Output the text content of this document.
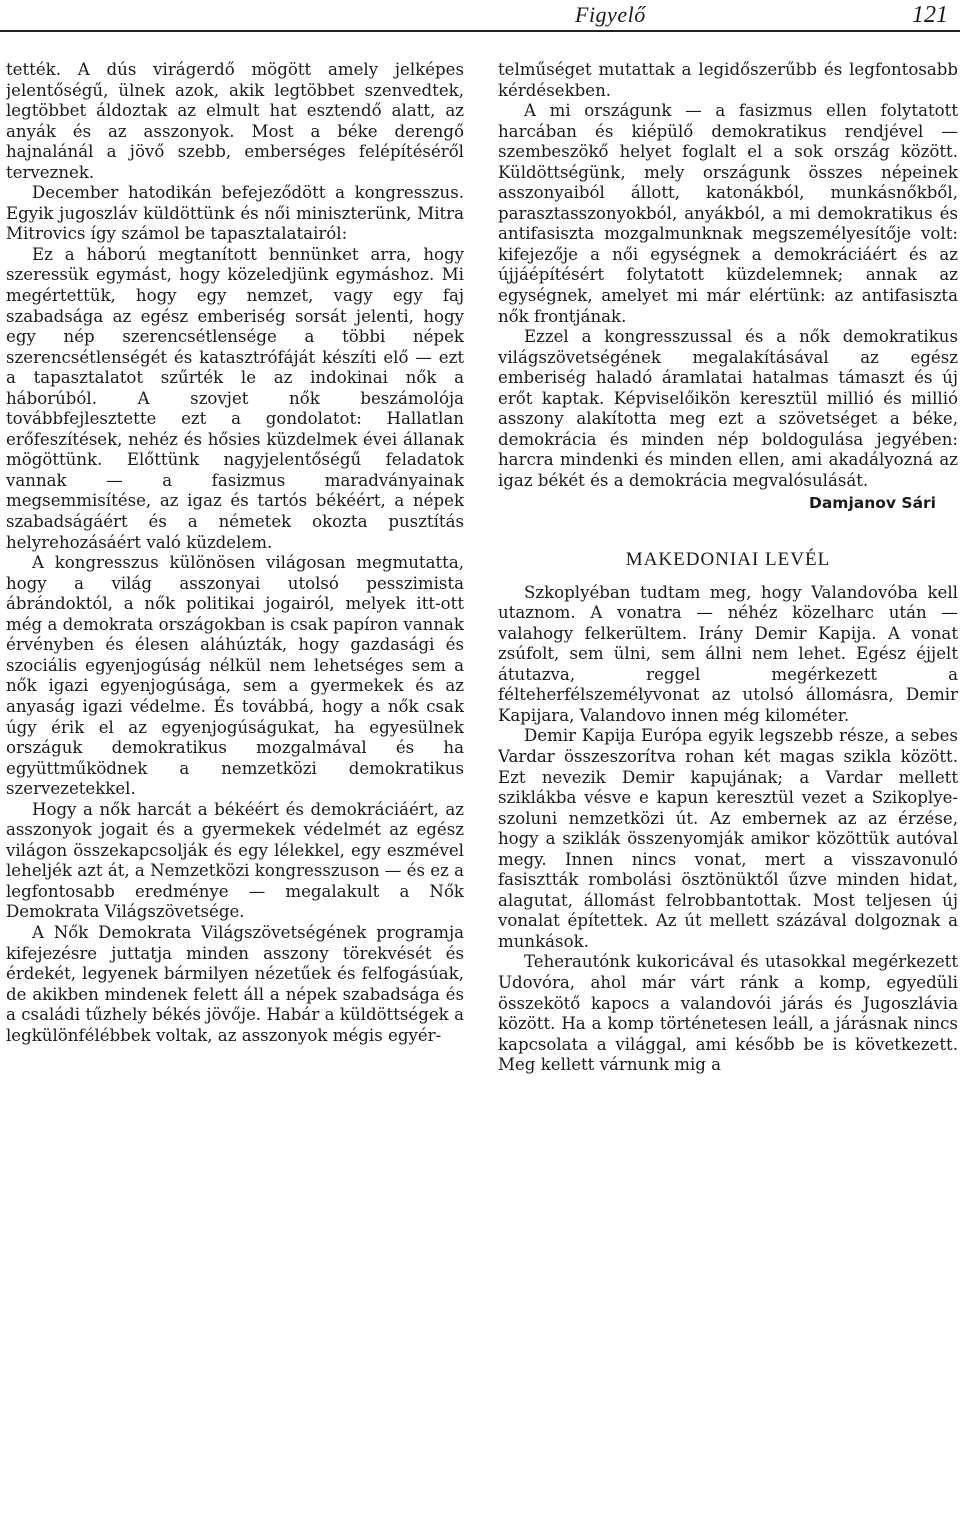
Figyelő	121

tették. A dús virágerdő mögött amely jelképes jelentőségű, ülnek azok, akik legtöbbet szenvedtek, legtöbbet áldoztak az elmult hat esztendő alatt, az anyák és az asszonyok. Most a béke derengő hajnalánál a jövő szebb, emberséges felépítéséről terveznek.

December hatodikán befejeződött a kongresszus. Egyik jugoszláv küldöttünk és női miniszterünk, Mitra Mitrovics így számol be tapasztalatairól:

Ez a háború megtanított bennünket arra, hogy szeressük egymást, hogy közeledjünk egymáshoz. Mi megértettük, hogy egy nemzet, vagy egy faj szabadsága az egész emberiség sorsát jelenti, hogy egy nép szerencsétlensége a többi népek szerencsétlenségét és katasztrófáját készíti elő — ezt a tapasztalatot szűrték le az indokinai nők a háborúból. A szovjet nők beszámolója továbbfejlesztette ezt a gondolatot: Hallatlan erőfeszítések, nehéz és hősies küzdelmek évei állanak mögöttünk. Előttünk nagyjelentőségű feladatok vannak — a fasizmus maradványainak megsemmisítése, az igaz és tartós békéért, a népek szabadságáért és a németek okozta pusztítás helyrehozásáért való küzdelem.

A kongresszus különösen világosan megmutatta, hogy a világ asszonyai utolsó pesszimista ábrándoktól, a nők politikai jogairól, melyek itt-ott még a demokrata országokban is csak papíron vannak érvényben és élesen aláhúzták, hogy gazdasági és szociális egyenjogúság nélkül nem lehetséges sem a nők igazi egyenjogúsága, sem a gyermekek és az anyaság igazi védelme. És továbbá, hogy a nők csak úgy érik el az egyenjogúságukat, ha egyesülnek országuk demokratikus mozgalmával és ha együttműködnek a nemzetközi demokratikus szervezetekkel.

Hogy a nők harcát a békéért és demokráciáért, az asszonyok jogait és a gyermekek védelmét az egész világon összekapcsolják és egy lélekkel, egy eszmével leheljék azt át, a Nemzetközi kongresszuson — és ez a legfontosabb eredménye — megalakult a Nők Demokrata Világszövetsége.

A Nők Demokrata Világszövetségének programja kifejezésre juttatja minden asszony törekvését és érdekét, legyenek bármilyen nézetűek és felfogásúak, de akikben mindenek felett áll a népek szabadsága és a családi tűzhely békés jövője. Habár a küldöttségek a legkülönfélébbek voltak, az asszonyok mégis egyér-

telműséget mutattak a legidőszerűbb és legfontosabb kérdésekben.

A mi országunk — a fasizmus ellen folytatott harcában és kiépülő demokratikus rendjével — szembeszökő helyet foglalt el a sok ország között. Küldöttségünk, mely országunk összes népeinek asszonyaiból állott, katonákból, munkásnőkből, parasztasszonyokból, anyákból, a mi demokratikus és antifasiszta mozgalmunknak megszemélyesítője volt: kifejezője a női egységnek a demokráciáért és az újjáépítésért folytatott küzdelemnek; annak az egységnek, amelyet mi már elértünk: az antifasiszta nők frontjának.

Ezzel a kongresszussal és a nők demokratikus világszövetségének megalakításával az egész emberiség haladó áramlatai hatalmas támaszt és új erőt kaptak. Képviselőikön keresztül millió és millió asszony alakította meg ezt a szövetséget a béke, demokrácia és minden nép boldogulása jegyében: harcra mindenki és minden ellen, ami akadályozná az igaz békét és a demokrácia megvalósulását.

Damjanov Sári

MAKEDONIAI LEVÉL

Szkoplyéban tudtam meg, hogy Valandovóba kell utaznom. A vonatra — néhéz közelharc után — valahogy felkerültem. Irány Demir Kapija. A vonat zsúfolt, sem ülni, sem állni nem lehet. Egész éjjelt átutazva, reggel megérkezett a félteherfélszemélyvonat az utolsó állomásra, Demir Kapijara, Valandovo innen még kilométer.

Demir Kapija Európa egyik legszebb része, a sebes Vardar összeszorítva rohan két magas szikla között. Ezt nevezik Demir kapujának; a Vardar mellett sziklákba vésve e kapun keresztül vezet a Szikoplye-szoluni nemzetközi út. Az embernek az az érzése, hogy a sziklák összenyomják amikor közöttük autóval megy. Innen nincs vonat, mert a visszavonuló fasisztták rombolási ösztönüktől űzve minden hidat, alagutat, állomást felrobbantottak. Most teljesen új vonalat építettek. Az út mellett százával dolgoznak a munkások.

Teherautónk kukoricával és utasokkal megérkezett Udovóra, ahol már várt ránk a komp, egyedüli összekötő kapocs a valandovói járás és Jugoszlávia között. Ha a komp történetesen leáll, a járásnak nincs kapcsolata a világgal, ami később be is következett. Meg kellett várnunk mig a
